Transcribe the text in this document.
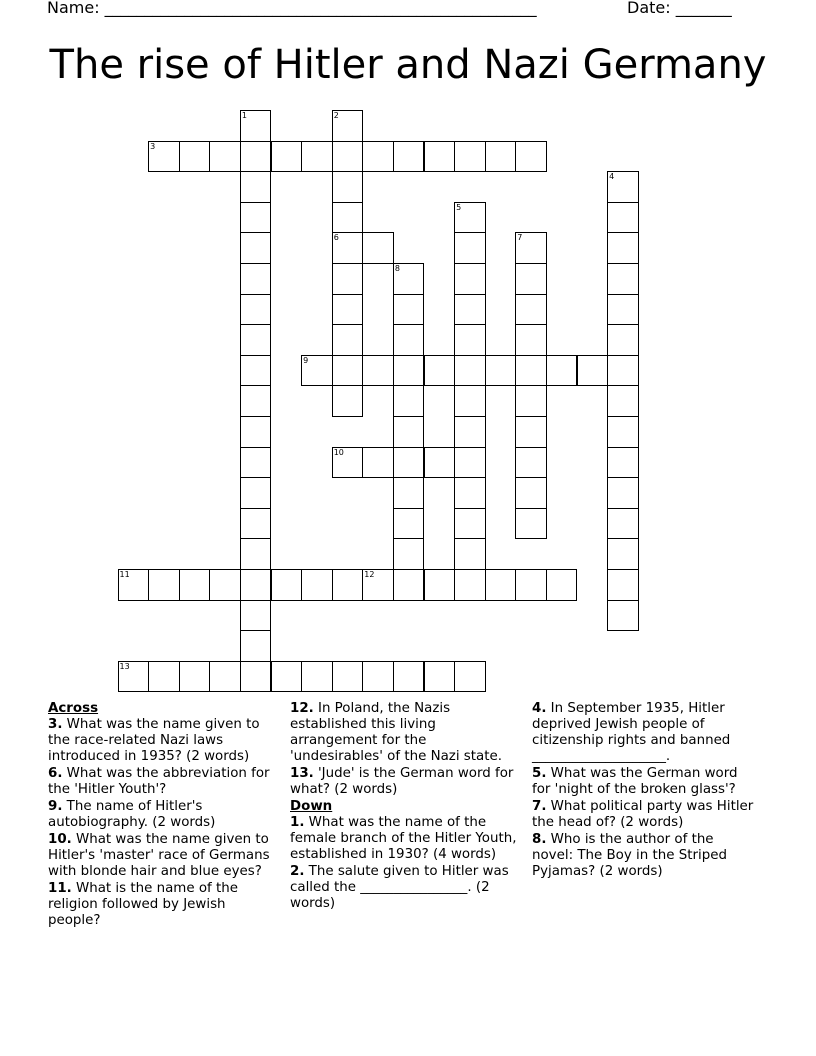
Name: ______________________________________________________	Date: _______
The rise of Hitler and Nazi Germany
1	2
3
4
5
6	7
8
9
10
11	12
13
Across
3. What was the name given to the race-related Nazi laws introduced in 1935? (2 words)
6. What was the abbreviation for the 'Hitler Youth'?
9. The name of Hitler's autobiography. (2 words)
10. What was the name given to Hitler's 'master' race of Germans with blonde hair and blue eyes?
11. What is the name of the religion followed by Jewish people?
12. In Poland, the Nazis established this living arrangement for the 'undesirables' of the Nazi state.
13. 'Jude' is the German word for what? (2 words)
Down
1. What was the name of the female branch of the Hitler Youth, established in 1930? (4 words)
2. The salute given to Hitler was called the ________________. (2 words)
4. In September 1935, Hitler deprived Jewish people of citizenship rights and banned ____________________.
5. What was the German word for 'night of the broken glass'?
7. What political party was Hitler the head of? (2 words)
8. Who is the author of the novel: The Boy in the Striped Pyjamas? (2 words)
